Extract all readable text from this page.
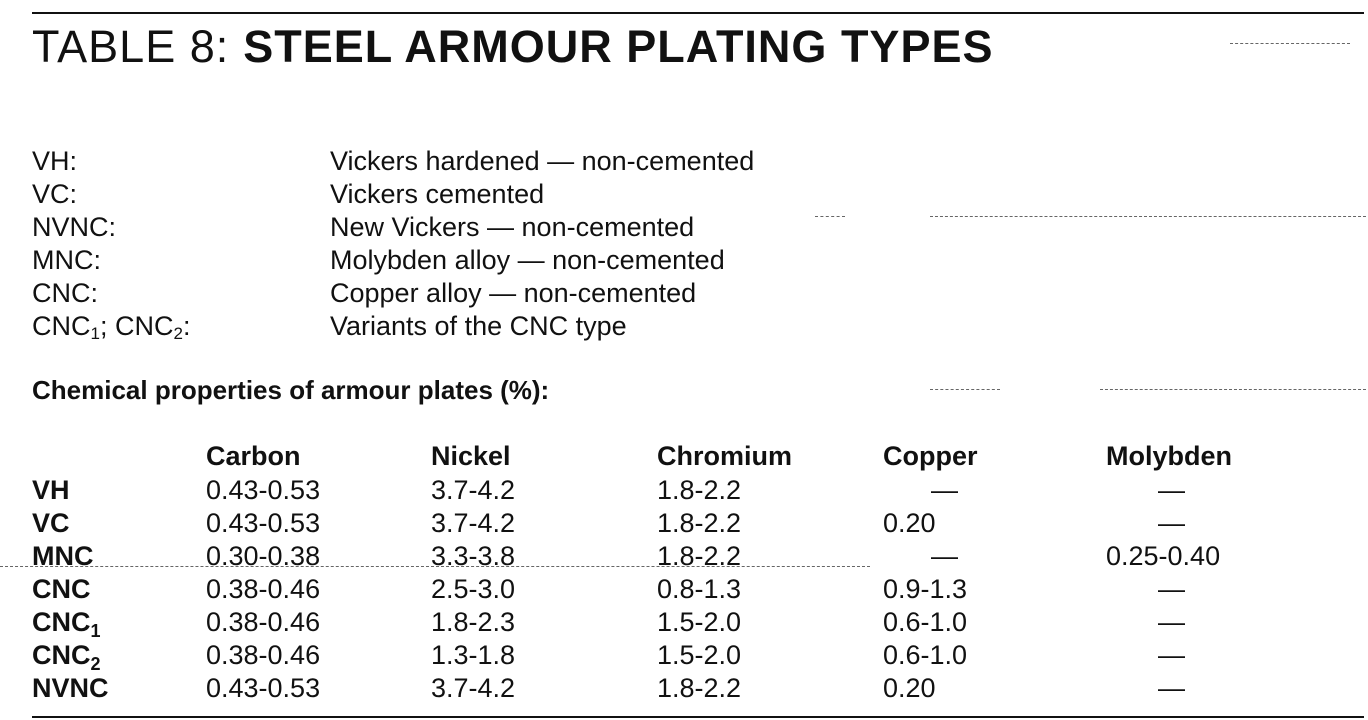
TABLE 8: STEEL ARMOUR PLATING TYPES
VH:	Vickers hardened — non-cemented
VC:	Vickers cemented
NVNC:	New Vickers — non-cemented
MNC:	Molybden alloy — non-cemented
CNC:	Copper alloy — non-cemented
$CNC_1$; $CNC_2$:	Variants of the CNC type
Chemical properties of armour plates (%):
Carbon	Nickel	Chromium	Copper	Molybden
VH	0.43-0.53	3.7-4.2	1.8-2.2	—	—
VC	0.43-0.53	3.7-4.2	1.8-2.2	0.20	—
MNC	0.30-0.38	3.3-3.8	1.8-2.2	—	0.25-0.40
CNC	0.38-0.46	2.5-3.0	0.8-1.3	0.9-1.3	—
$CNC_1$	0.38-0.46	1.8-2.3	1.5-2.0	0.6-1.0	—
$CNC_2$	0.38-0.46	1.3-1.8	1.5-2.0	0.6-1.0	—
NVNC	0.43-0.53	3.7-4.2	1.8-2.2	0.20	—
